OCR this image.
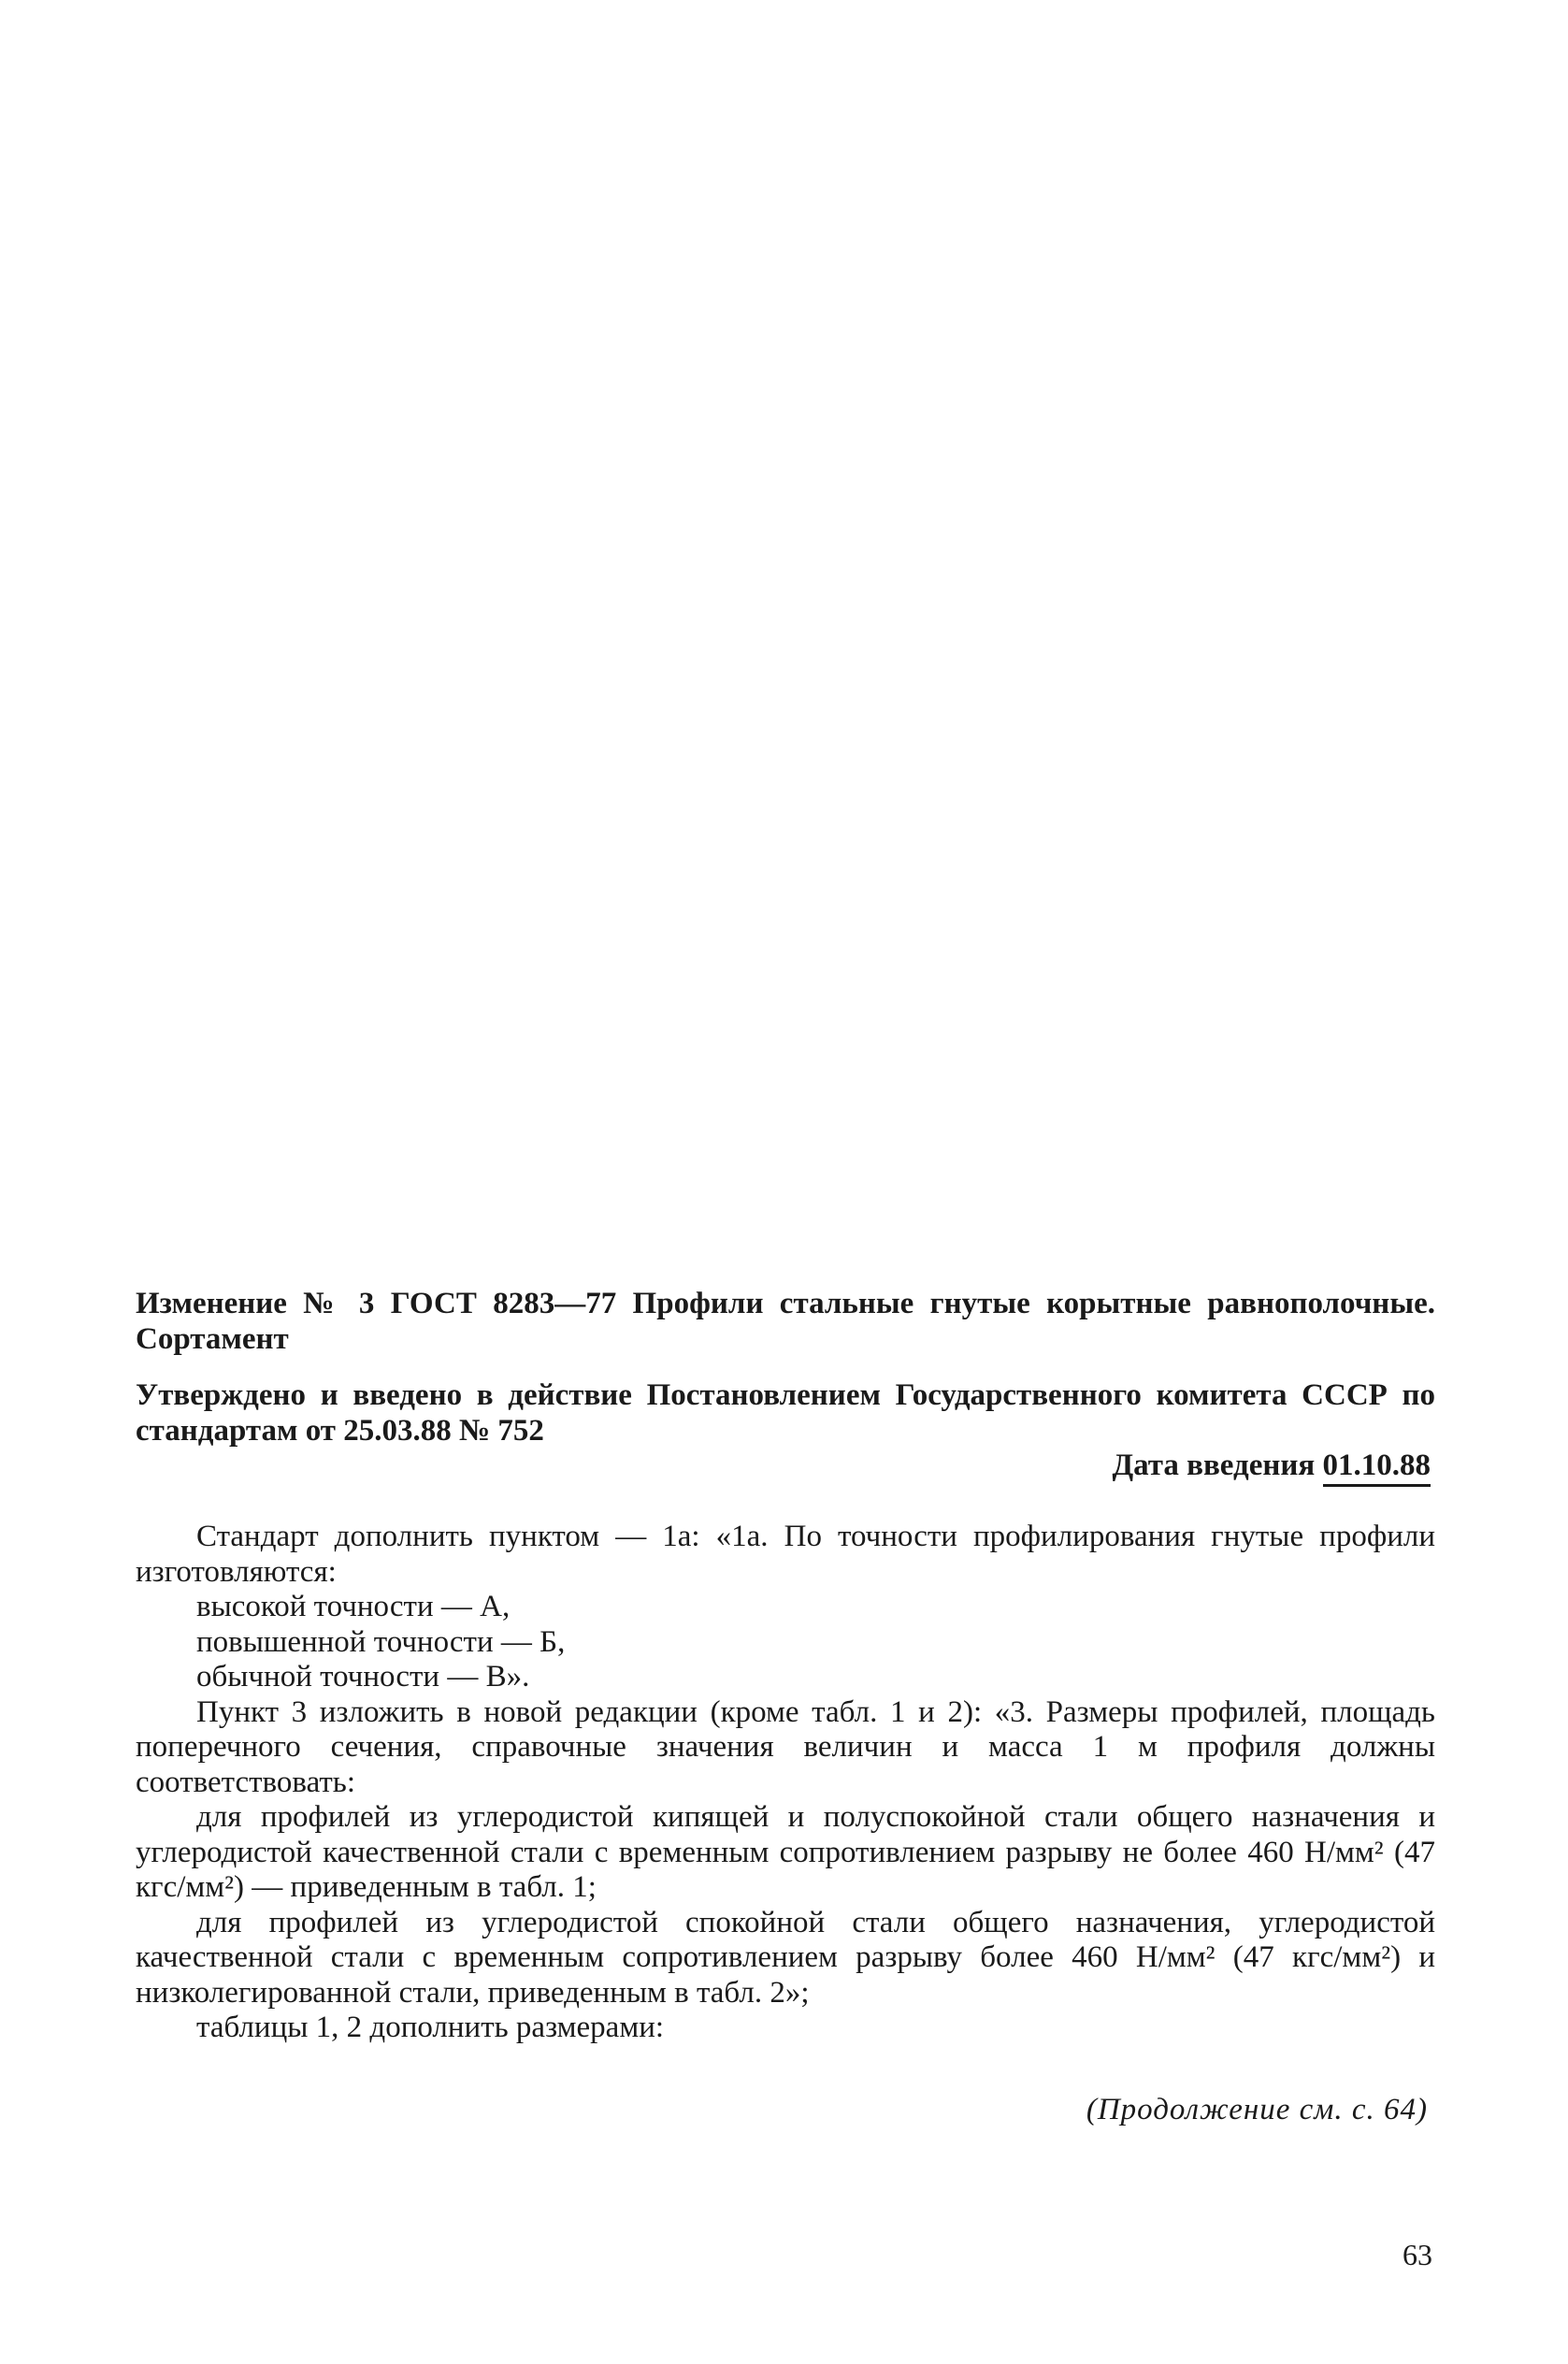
Изменение № 3 ГОСТ 8283—77 Профили стальные гнутые корытные равнополочные. Сортамент
Утверждено и введено в действие Постановлением Государственного комитета СССР по стандартам от 25.03.88 № 752
Дата введения 01.10.88

Стандарт дополнить пунктом — 1а: «1а. По точности профилирования гнутые профили изготовляются:

высокой точности — А,

повышенной точности — Б,

обычной точности — В».

Пункт 3 изложить в новой редакции (кроме табл. 1 и 2): «3. Размеры профилей, площадь поперечного сечения, справочные значения величин и масса 1 м профиля должны соответствовать:

для профилей из углеродистой кипящей и полуспокойной стали общего назначения и углеродистой качественной стали с временным сопротивлением разрыву не более 460 Н/мм² (47 кгс/мм²) — приведенным в табл. 1;

для профилей из углеродистой спокойной стали общего назначения, углеродистой качественной стали с временным сопротивлением разрыву более 460 Н/мм² (47 кгс/мм²) и низколегированной стали, приведенным в табл. 2»;

таблицы 1, 2 дополнить размерами:

(Продолжение см. с. 64)
63
